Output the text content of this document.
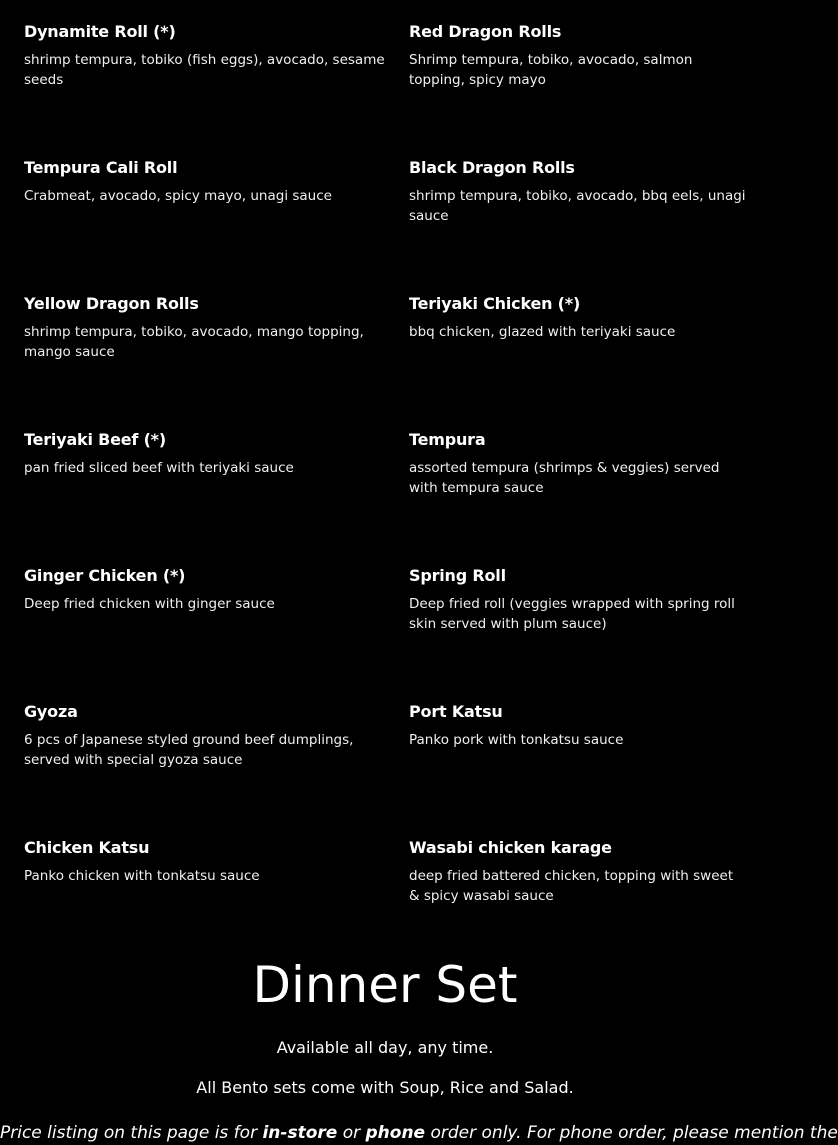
Dynamite Roll (*)

shrimp tempura, tobiko (fish eggs), avocado, sesame seeds

Red Dragon Rolls

Shrimp tempura, tobiko, avocado, salmon topping, spicy mayo

Tempura Cali Roll

Crabmeat, avocado, spicy mayo, unagi sauce

Black Dragon Rolls

shrimp tempura, tobiko, avocado, bbq eels, unagi sauce

Yellow Dragon Rolls

shrimp tempura, tobiko, avocado, mango topping, mango sauce

Teriyaki Chicken (*)

bbq chicken, glazed with teriyaki sauce

Teriyaki Beef (*)

pan fried sliced beef with teriyaki sauce

Tempura

assorted tempura (shrimps & veggies) served with tempura sauce

Ginger Chicken (*)

Deep fried chicken with ginger sauce

Spring Roll

Deep fried roll (veggies wrapped with spring roll skin served with plum sauce)

Gyoza

6 pcs of Japanese styled ground beef dumplings, served with special gyoza sauce

Port Katsu

Panko pork with tonkatsu sauce

Chicken Katsu

Panko chicken with tonkatsu sauce

Wasabi chicken karage

deep fried battered chicken, topping with sweet & spicy wasabi sauce

Dinner Set

Available all day, any time.

All Bento sets come with Soup, Rice and Salad.

Price listing on this page is for in-store or phone order only. For phone order, please mention the
